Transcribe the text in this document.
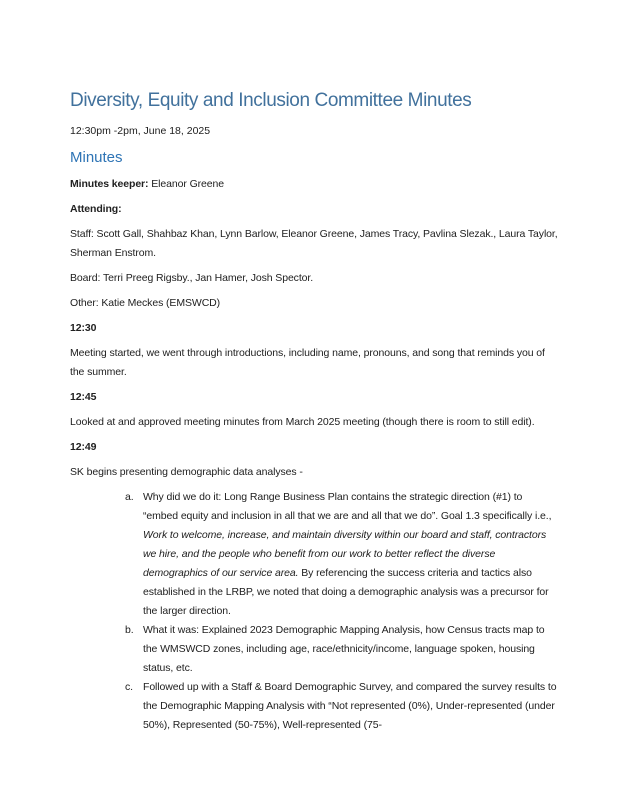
Diversity, Equity and Inclusion Committee Minutes

12:30pm -2pm, June 18, 2025

Minutes

Minutes keeper: Eleanor Greene

Attending:

Staff: Scott Gall, Shahbaz Khan, Lynn Barlow, Eleanor Greene, James Tracy, Pavlina Slezak., Laura Taylor, Sherman Enstrom.

Board: Terri Preeg Rigsby., Jan Hamer, Josh Spector.

Other: Katie Meckes (EMSWCD)

12:30

Meeting started, we went through introductions, including name, pronouns, and song that reminds you of the summer.

12:45

Looked at and approved meeting minutes from March 2025 meeting (though there is room to still edit).

12:49

SK begins presenting demographic data analyses -

a. Why did we do it: Long Range Business Plan contains the strategic direction (#1) to “embed equity and inclusion in all that we are and all that we do”. Goal 1.3 specifically i.e., Work to welcome, increase, and maintain diversity within our board and staff, contractors we hire, and the people who benefit from our work to better reflect the diverse demographics of our service area. By referencing the success criteria and tactics also established in the LRBP, we noted that doing a demographic analysis was a precursor for the larger direction.
b. What it was: Explained 2023 Demographic Mapping Analysis, how Census tracts map to the WMSWCD zones, including age, race/ethnicity/income, language spoken, housing status, etc.
c. Followed up with a Staff & Board Demographic Survey, and compared the survey results to the Demographic Mapping Analysis with “Not represented (0%), Under-represented (under 50%), Represented (50-75%), Well-represented (75-
